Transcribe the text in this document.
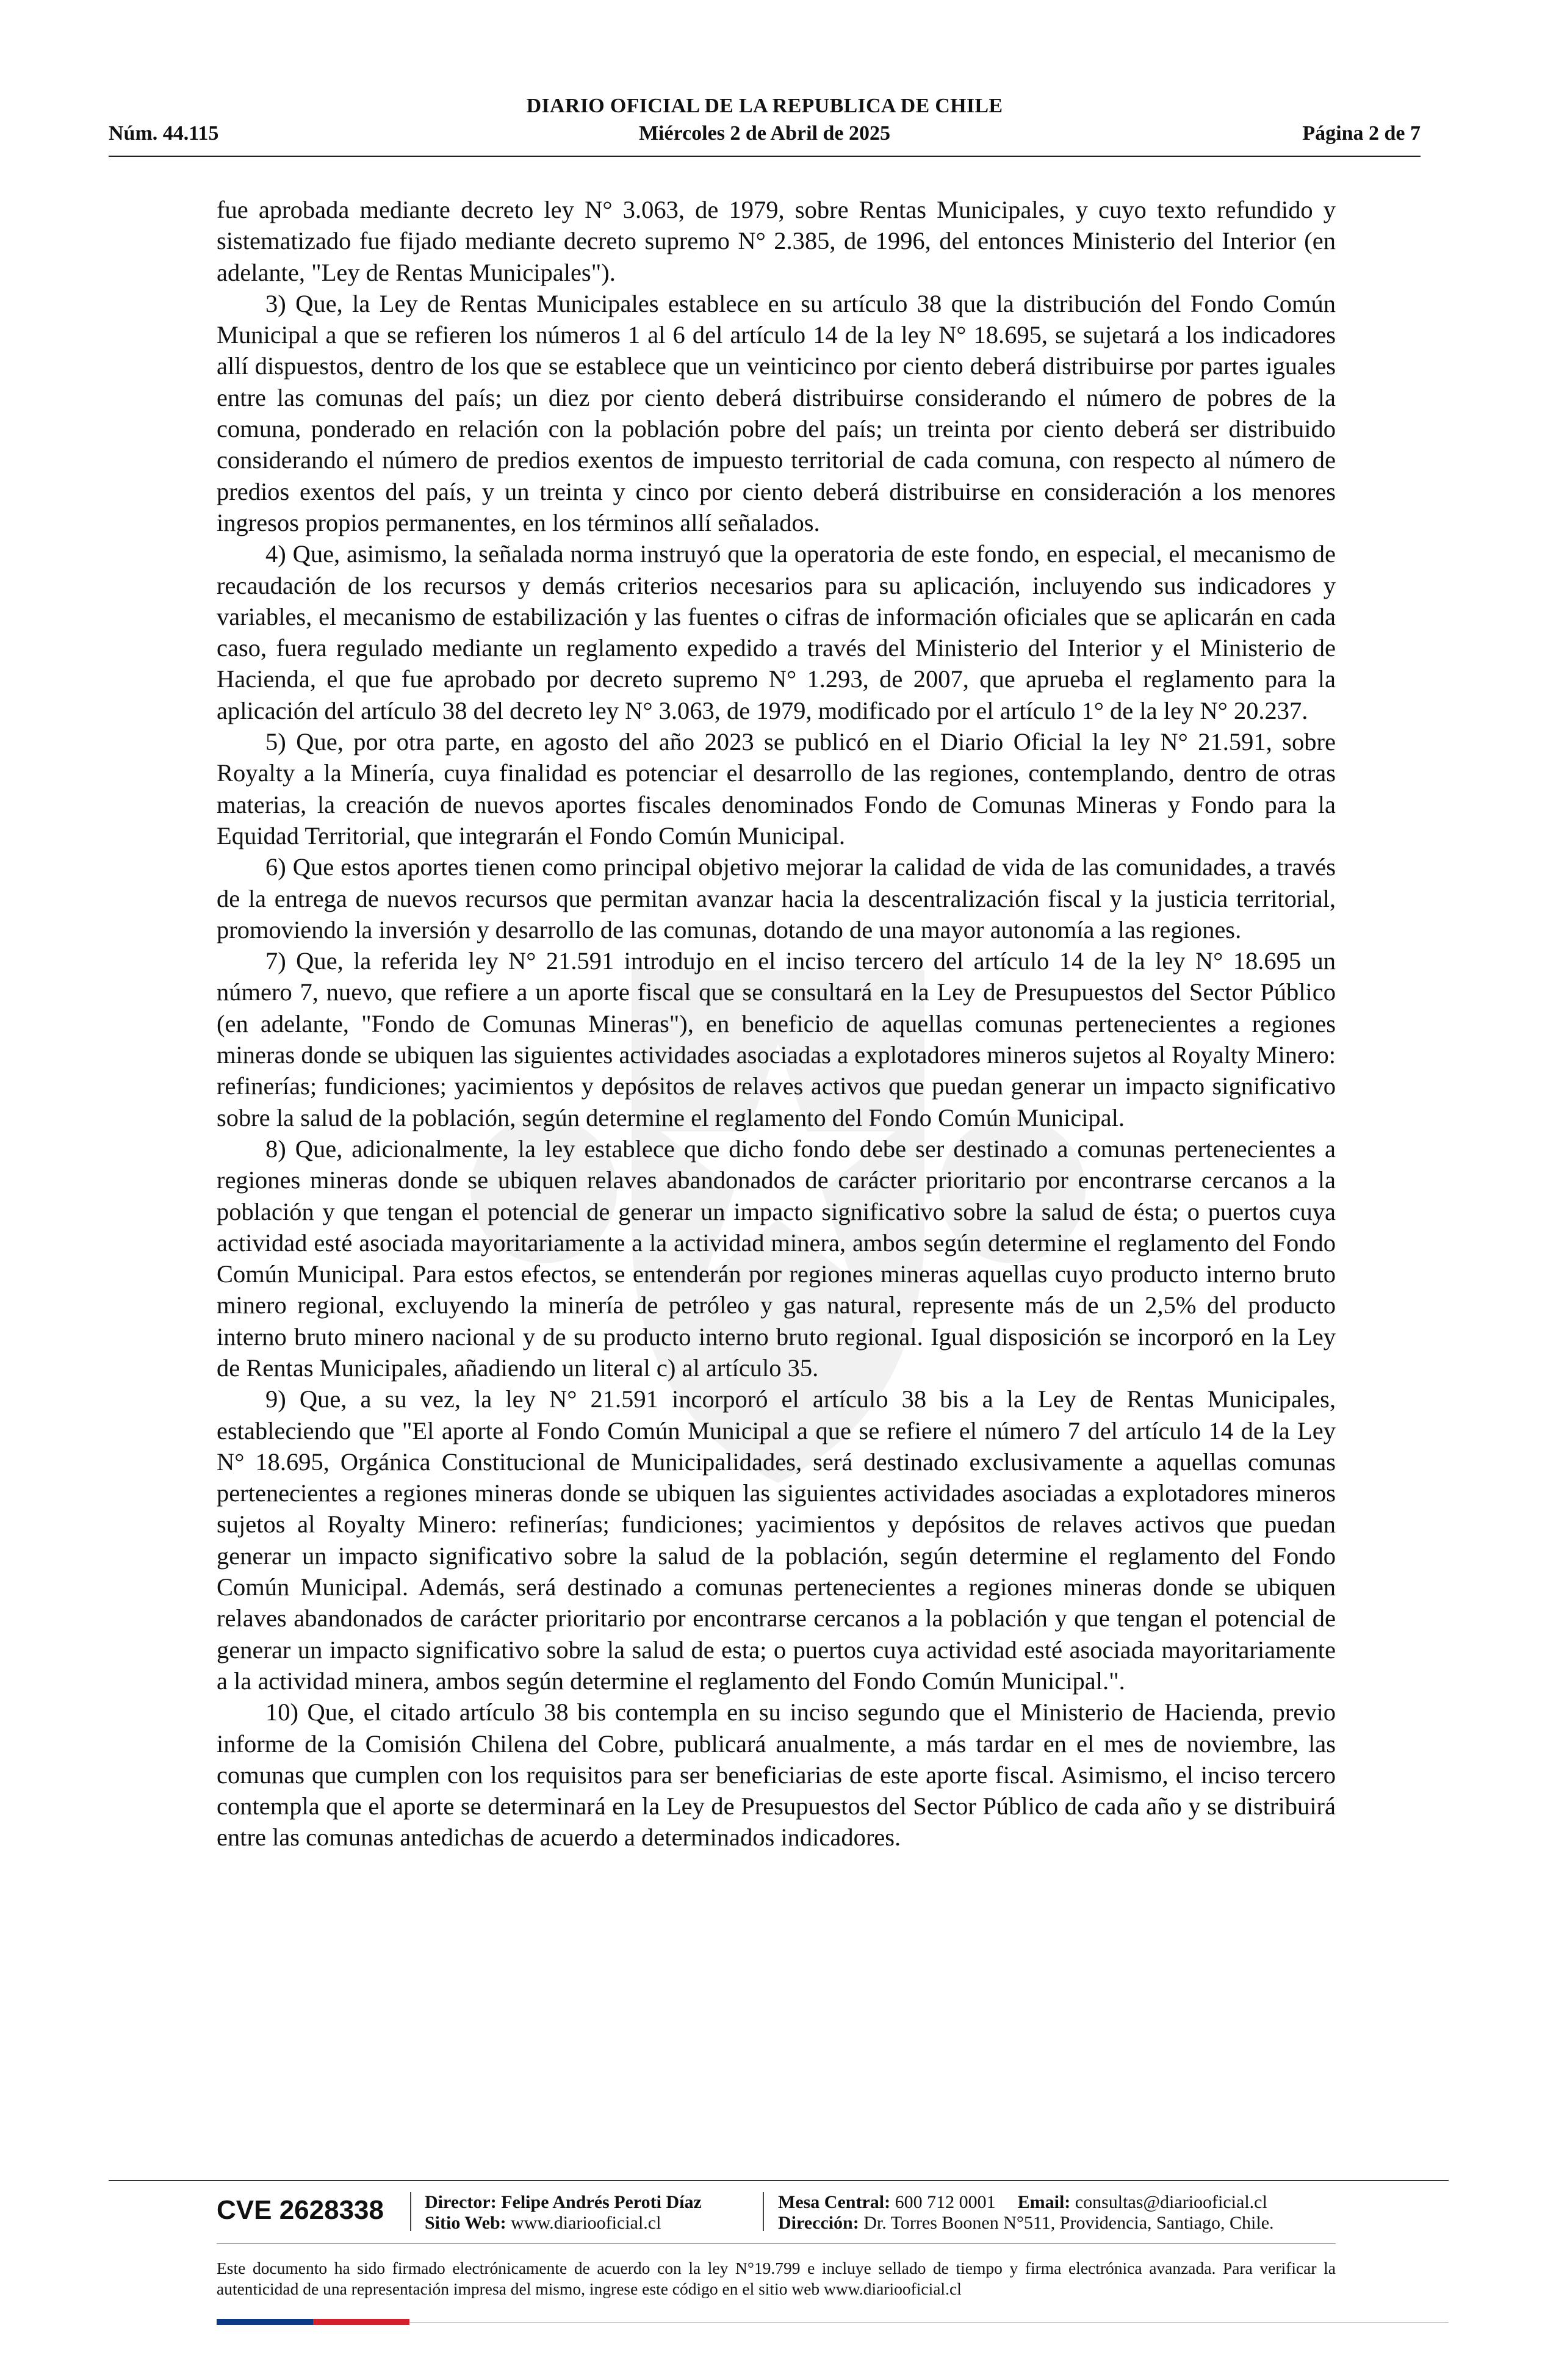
DIARIO OFICIAL DE LA REPUBLICA DE CHILE
Núm. 44.115	Miércoles 2 de Abril de 2025	Página 2 de 7

fue aprobada mediante decreto ley N° 3.063, de 1979, sobre Rentas Municipales, y cuyo texto refundido y sistematizado fue fijado mediante decreto supremo N° 2.385, de 1996, del entonces Ministerio del Interior (en adelante, "Ley de Rentas Municipales").

3) Que, la Ley de Rentas Municipales establece en su artículo 38 que la distribución del Fondo Común Municipal a que se refieren los números 1 al 6 del artículo 14 de la ley N° 18.695, se sujetará a los indicadores allí dispuestos, dentro de los que se establece que un veinticinco por ciento deberá distribuirse por partes iguales entre las comunas del país; un diez por ciento deberá distribuirse considerando el número de pobres de la comuna, ponderado en relación con la población pobre del país; un treinta por ciento deberá ser distribuido considerando el número de predios exentos de impuesto territorial de cada comuna, con respecto al número de predios exentos del país, y un treinta y cinco por ciento deberá distribuirse en consideración a los menores ingresos propios permanentes, en los términos allí señalados.

4) Que, asimismo, la señalada norma instruyó que la operatoria de este fondo, en especial, el mecanismo de recaudación de los recursos y demás criterios necesarios para su aplicación, incluyendo sus indicadores y variables, el mecanismo de estabilización y las fuentes o cifras de información oficiales que se aplicarán en cada caso, fuera regulado mediante un reglamento expedido a través del Ministerio del Interior y el Ministerio de Hacienda, el que fue aprobado por decreto supremo N° 1.293, de 2007, que aprueba el reglamento para la aplicación del artículo 38 del decreto ley N° 3.063, de 1979, modificado por el artículo 1° de la ley N° 20.237.

5) Que, por otra parte, en agosto del año 2023 se publicó en el Diario Oficial la ley N° 21.591, sobre Royalty a la Minería, cuya finalidad es potenciar el desarrollo de las regiones, contemplando, dentro de otras materias, la creación de nuevos aportes fiscales denominados Fondo de Comunas Mineras y Fondo para la Equidad Territorial, que integrarán el Fondo Común Municipal.

6) Que estos aportes tienen como principal objetivo mejorar la calidad de vida de las comunidades, a través de la entrega de nuevos recursos que permitan avanzar hacia la descentralización fiscal y la justicia territorial, promoviendo la inversión y desarrollo de las comunas, dotando de una mayor autonomía a las regiones.

7) Que, la referida ley N° 21.591 introdujo en el inciso tercero del artículo 14 de la ley N° 18.695 un número 7, nuevo, que refiere a un aporte fiscal que se consultará en la Ley de Presupuestos del Sector Público (en adelante, "Fondo de Comunas Mineras"), en beneficio de aquellas comunas pertenecientes a regiones mineras donde se ubiquen las siguientes actividades asociadas a explotadores mineros sujetos al Royalty Minero: refinerías; fundiciones; yacimientos y depósitos de relaves activos que puedan generar un impacto significativo sobre la salud de la población, según determine el reglamento del Fondo Común Municipal.

8) Que, adicionalmente, la ley establece que dicho fondo debe ser destinado a comunas pertenecientes a regiones mineras donde se ubiquen relaves abandonados de carácter prioritario por encontrarse cercanos a la población y que tengan el potencial de generar un impacto significativo sobre la salud de ésta; o puertos cuya actividad esté asociada mayoritariamente a la actividad minera, ambos según determine el reglamento del Fondo Común Municipal. Para estos efectos, se entenderán por regiones mineras aquellas cuyo producto interno bruto minero regional, excluyendo la minería de petróleo y gas natural, represente más de un 2,5% del producto interno bruto minero nacional y de su producto interno bruto regional. Igual disposición se incorporó en la Ley de Rentas Municipales, añadiendo un literal c) al artículo 35.

9) Que, a su vez, la ley N° 21.591 incorporó el artículo 38 bis a la Ley de Rentas Municipales, estableciendo que "El aporte al Fondo Común Municipal a que se refiere el número 7 del artículo 14 de la Ley N° 18.695, Orgánica Constitucional de Municipalidades, será destinado exclusivamente a aquellas comunas pertenecientes a regiones mineras donde se ubiquen las siguientes actividades asociadas a explotadores mineros sujetos al Royalty Minero: refinerías; fundiciones; yacimientos y depósitos de relaves activos que puedan generar un impacto significativo sobre la salud de la población, según determine el reglamento del Fondo Común Municipal. Además, será destinado a comunas pertenecientes a regiones mineras donde se ubiquen relaves abandonados de carácter prioritario por encontrarse cercanos a la población y que tengan el potencial de generar un impacto significativo sobre la salud de esta; o puertos cuya actividad esté asociada mayoritariamente a la actividad minera, ambos según determine el reglamento del Fondo Común Municipal.".

10) Que, el citado artículo 38 bis contempla en su inciso segundo que el Ministerio de Hacienda, previo informe de la Comisión Chilena del Cobre, publicará anualmente, a más tardar en el mes de noviembre, las comunas que cumplen con los requisitos para ser beneficiarias de este aporte fiscal. Asimismo, el inciso tercero contempla que el aporte se determinará en la Ley de Presupuestos del Sector Público de cada año y se distribuirá entre las comunas antedichas de acuerdo a determinados indicadores.

CVE 2628338 Director: Felipe Andrés Peroti Díaz
Sitio Web: www.diariooficial.cl
Mesa Central: 600 712 0001 Email: consultas@diariooficial.cl
Dirección: Dr. Torres Boonen N°511, Providencia, Santiago, Chile.
Este documento ha sido firmado electrónicamente de acuerdo con la ley N°19.799 e incluye sellado de tiempo y firma electrónica avanzada. Para verificar la autenticidad de una representación impresa del mismo, ingrese este código en el sitio web www.diariooficial.cl
